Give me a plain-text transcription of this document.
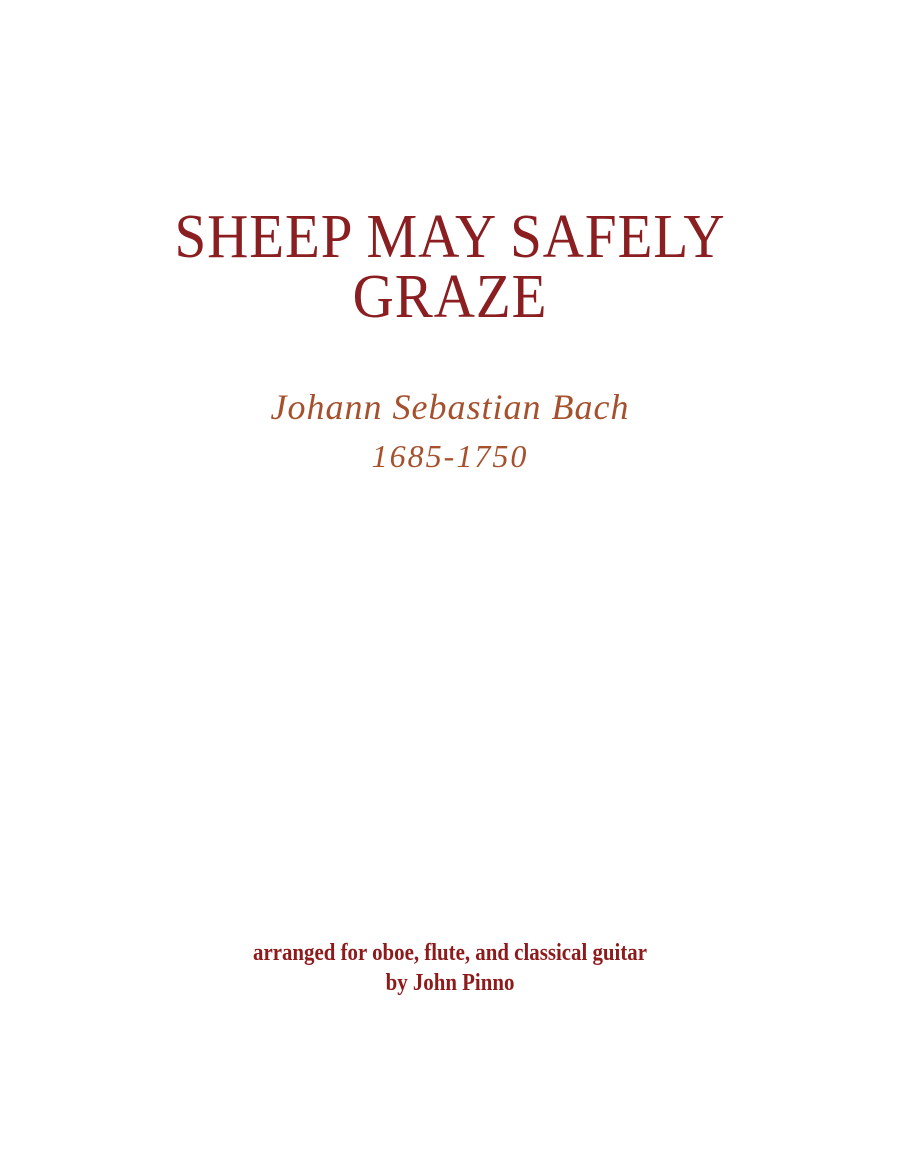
SHEEP MAY SAFELY
GRAZE
Johann Sebastian Bach
1685-1750
arranged for oboe, flute, and classical guitar
by John Pinno
